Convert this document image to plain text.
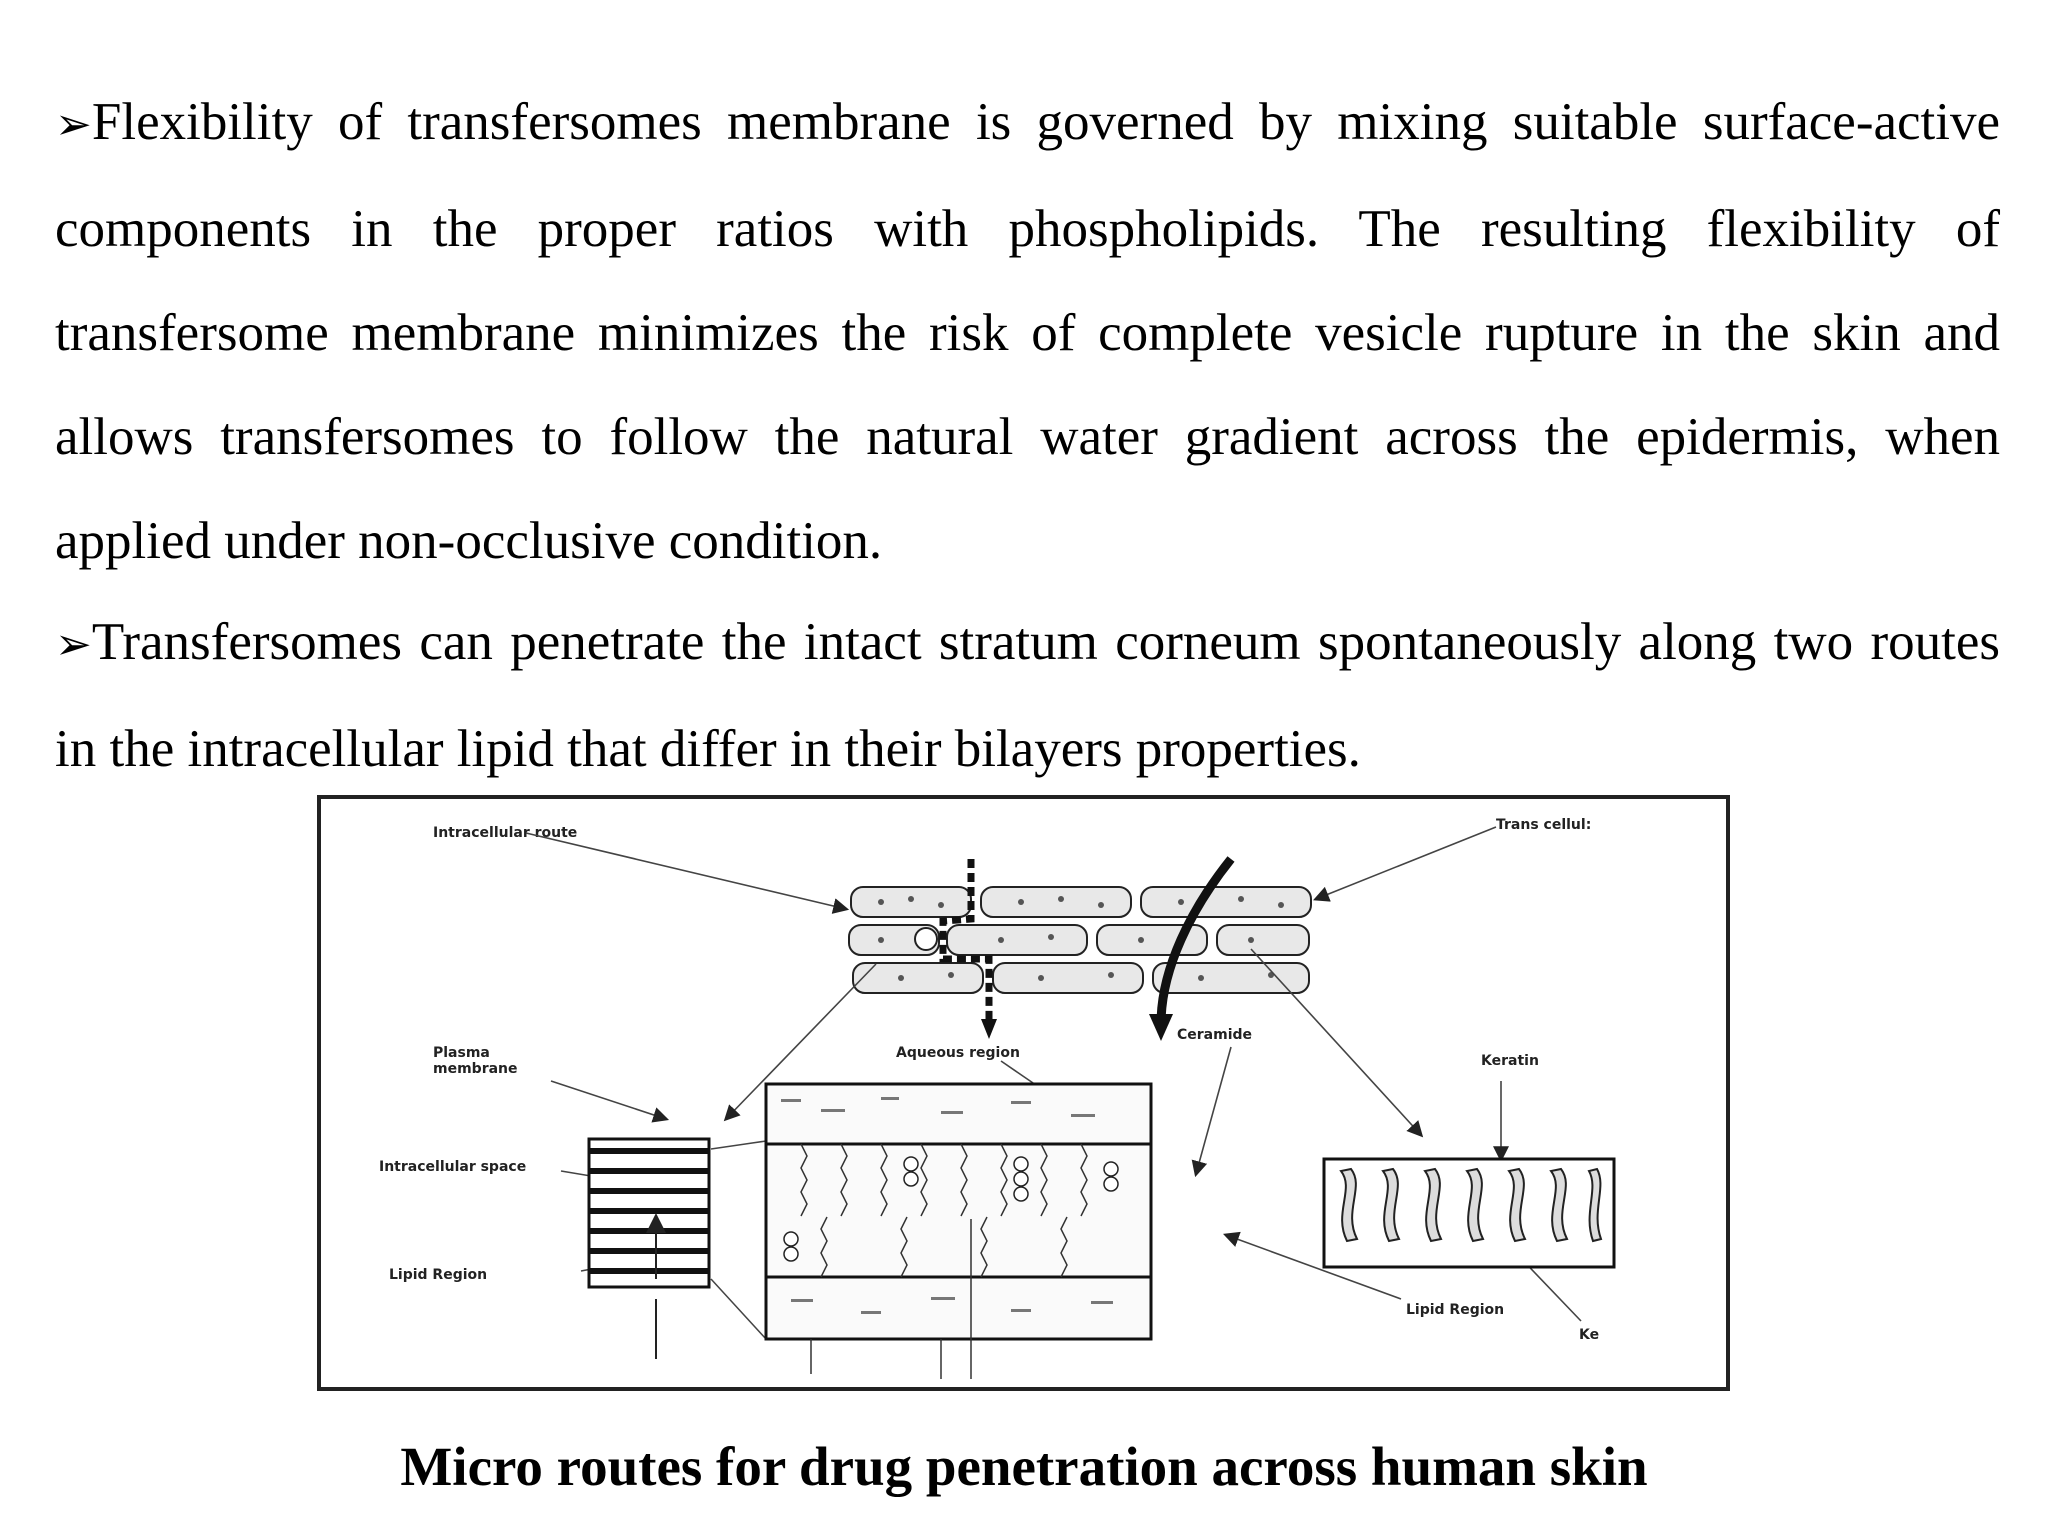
➢Flexibility of transfersomes membrane is governed by mixing suitable surface-active components in the proper ratios with phospholipids. The resulting flexibility of transfersome membrane minimizes the risk of complete vesicle rupture in the skin and allows transfersomes to follow the natural water gradient across the epidermis, when applied under non-occlusive condition.

➢Transfersomes can penetrate the intact stratum corneum spontaneously along two routes in the intracellular lipid that differ in their bilayers properties.

Intracellular route	Trans cellul:
Plasma
membrane
Aqueous region
Ceramide
Keratin
Intracellular space
Lipid Region
Lipid Region
Ke
Micro routes for drug penetration across human skin
